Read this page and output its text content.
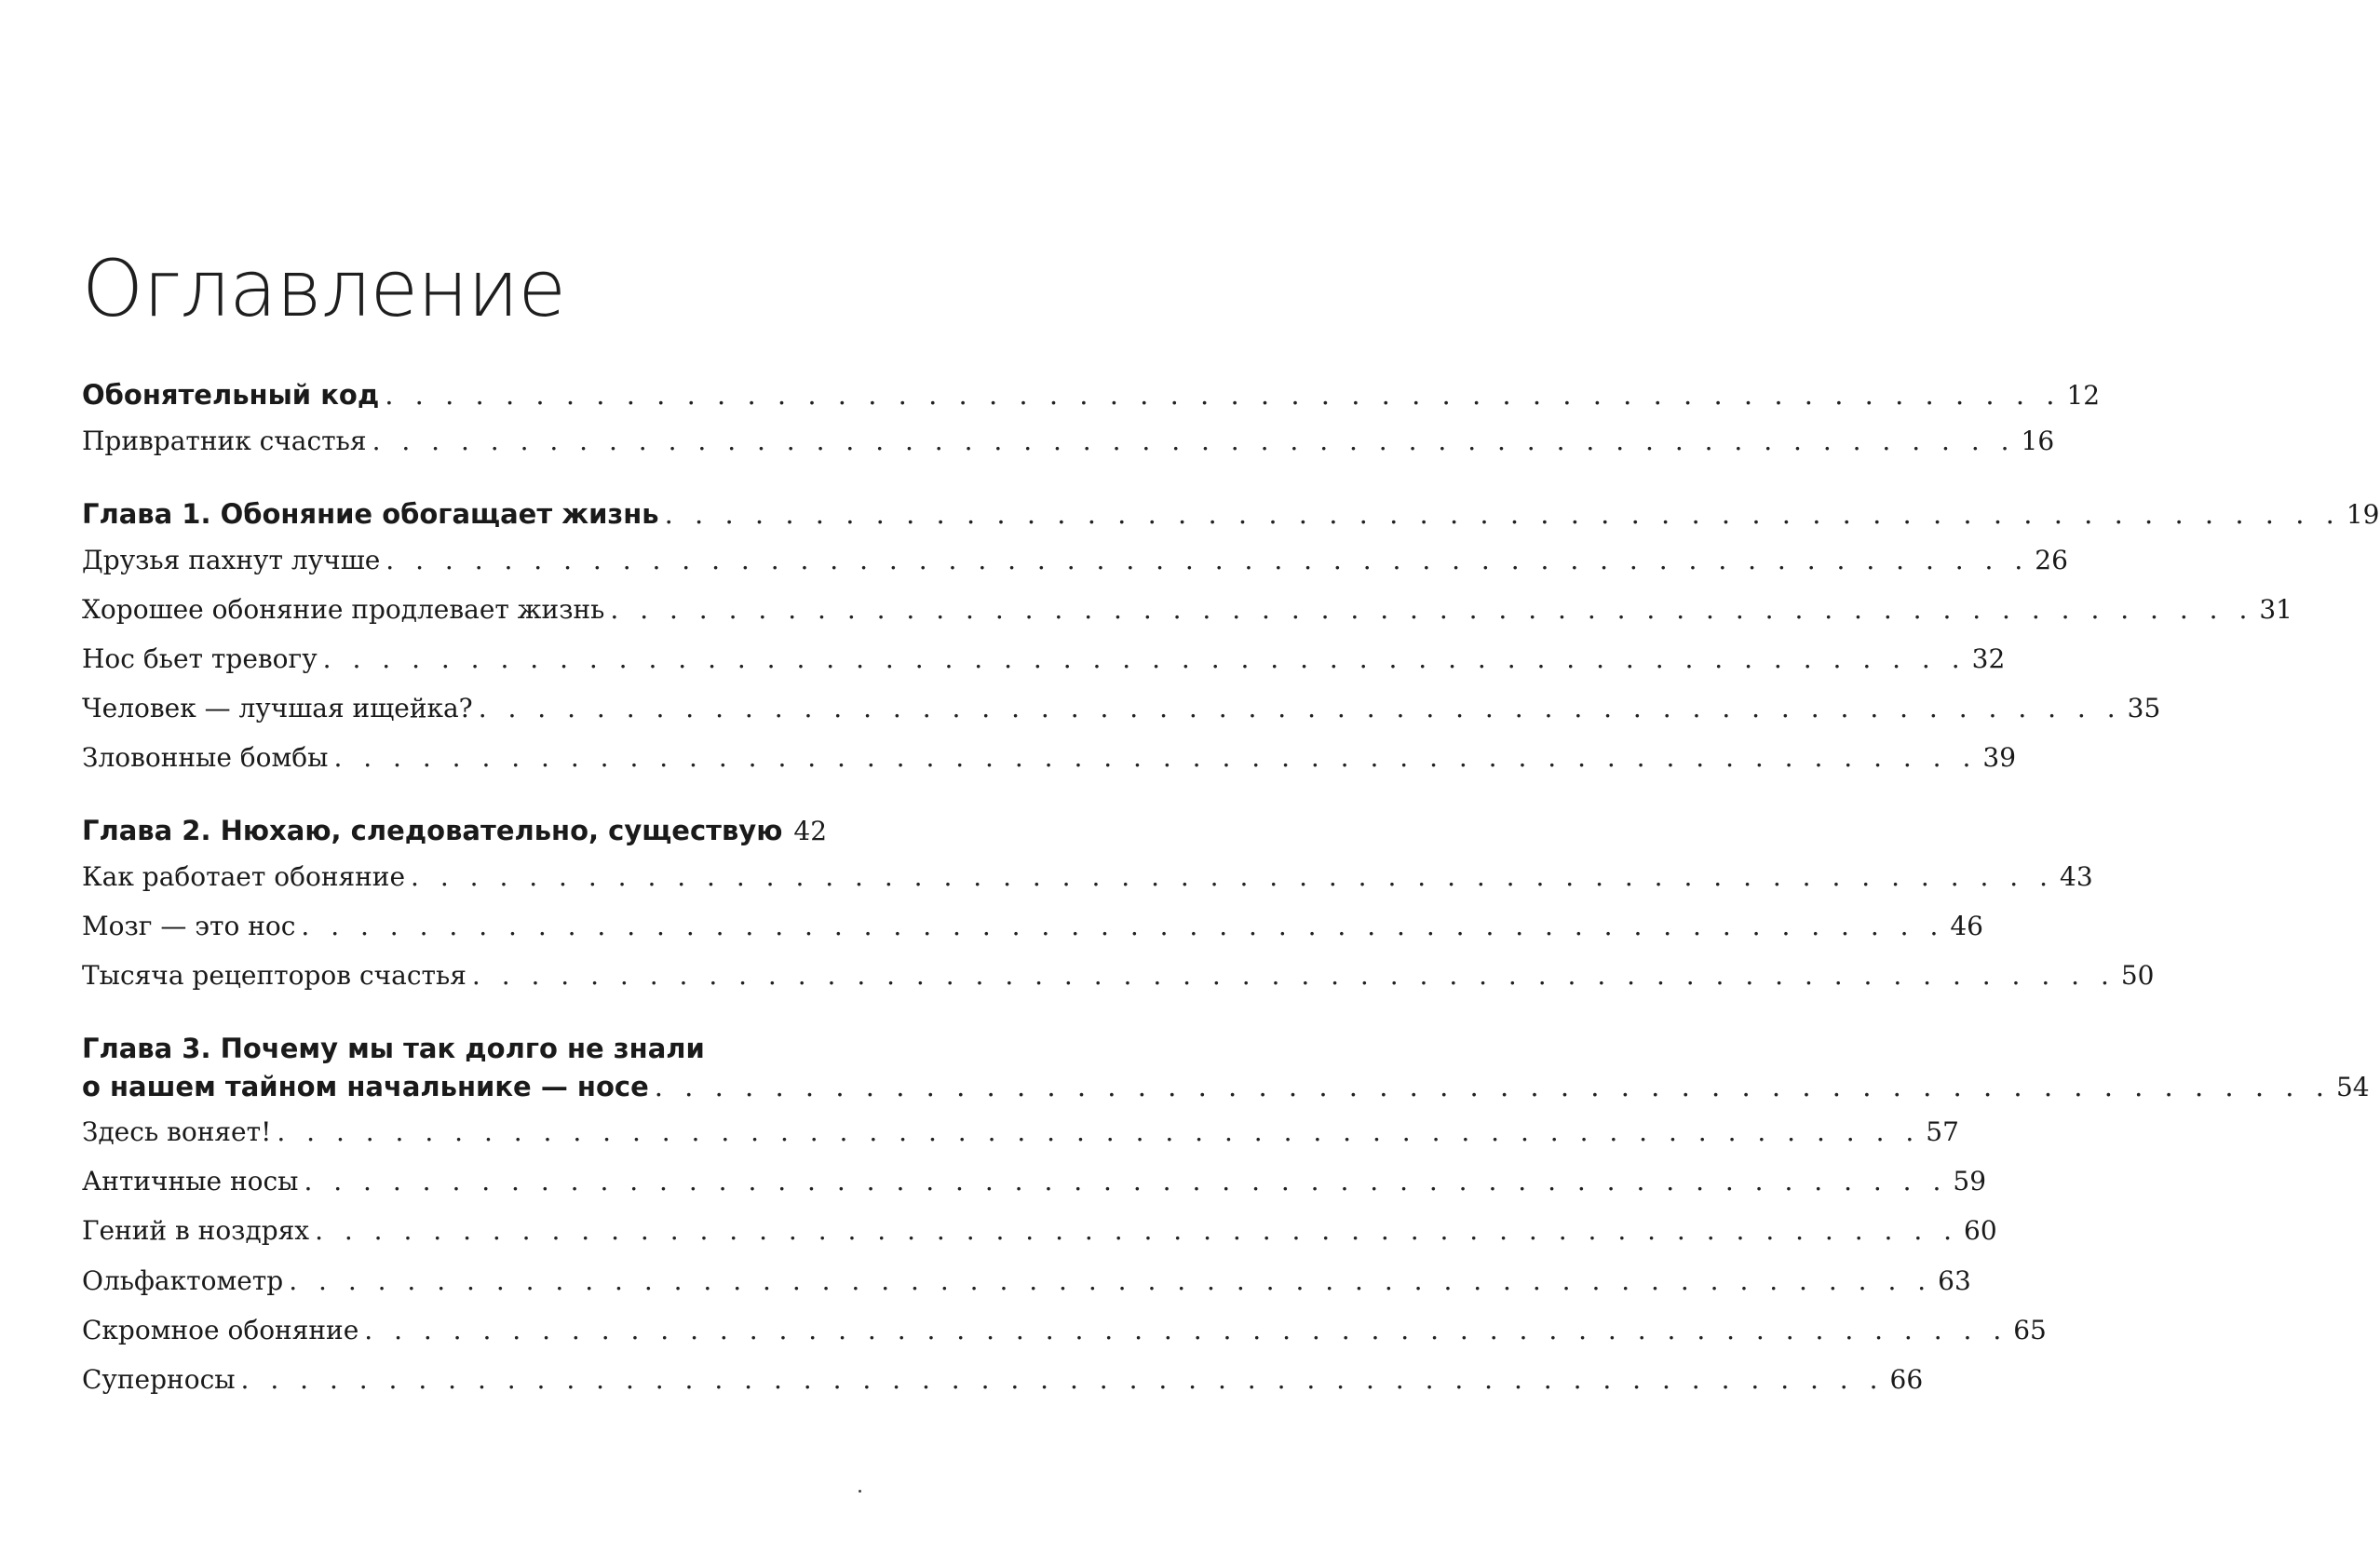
Оглавление
Обонятельный код . . . . . . . . . . . . . . . . . . . . . . . . . . . . . . . . . . . . . . . . . . . . . . . . . . . . . . . . 12
Привратник счастья . . . . . . . . . . . . . . . . . . . . . . . . . . . . . . . . . . . . . . . . . . . . . . . . . . . . . . . . 16
Глава 1. Обоняние обогащает жизнь . . . . . . . . . . . . . . . . . . . . . . . . . . . . . . . . . . . . . . . . . . . . . . . . . . . . . . . . 19
Друзья пахнут лучше . . . . . . . . . . . . . . . . . . . . . . . . . . . . . . . . . . . . . . . . . . . . . . . . . . . . . . . . 26
Хорошее обоняние продлевает жизнь . . . . . . . . . . . . . . . . . . . . . . . . . . . . . . . . . . . . . . . . . . . . . . . . . . . . . . . . 31
Нос бьет тревогу . . . . . . . . . . . . . . . . . . . . . . . . . . . . . . . . . . . . . . . . . . . . . . . . . . . . . . . . 32
Человек — лучшая ищейка? . . . . . . . . . . . . . . . . . . . . . . . . . . . . . . . . . . . . . . . . . . . . . . . . . . . . . . . . 35
Зловонные бомбы . . . . . . . . . . . . . . . . . . . . . . . . . . . . . . . . . . . . . . . . . . . . . . . . . . . . . . . . 39
Глава 2. Нюхаю, следовательно, существую 42
Как работает обоняние . . . . . . . . . . . . . . . . . . . . . . . . . . . . . . . . . . . . . . . . . . . . . . . . . . . . . . . . 43
Мозг — это нос . . . . . . . . . . . . . . . . . . . . . . . . . . . . . . . . . . . . . . . . . . . . . . . . . . . . . . . . 46
Тысяча рецепторов счастья . . . . . . . . . . . . . . . . . . . . . . . . . . . . . . . . . . . . . . . . . . . . . . . . . . . . . . . . 50
Глава 3. Почему мы так долго не знали
о нашем тайном начальнике — носе . . . . . . . . . . . . . . . . . . . . . . . . . . . . . . . . . . . . . . . . . . . . . . . . . . . . . . . . 54
Здесь воняет! . . . . . . . . . . . . . . . . . . . . . . . . . . . . . . . . . . . . . . . . . . . . . . . . . . . . . . . . 57
Античные носы . . . . . . . . . . . . . . . . . . . . . . . . . . . . . . . . . . . . . . . . . . . . . . . . . . . . . . . . 59
Гений в ноздрях . . . . . . . . . . . . . . . . . . . . . . . . . . . . . . . . . . . . . . . . . . . . . . . . . . . . . . . . 60
Ольфактометр . . . . . . . . . . . . . . . . . . . . . . . . . . . . . . . . . . . . . . . . . . . . . . . . . . . . . . . . 63
Скромное обоняние . . . . . . . . . . . . . . . . . . . . . . . . . . . . . . . . . . . . . . . . . . . . . . . . . . . . . . . . 65
Суперносы . . . . . . . . . . . . . . . . . . . . . . . . . . . . . . . . . . . . . . . . . . . . . . . . . . . . . . . . 66
